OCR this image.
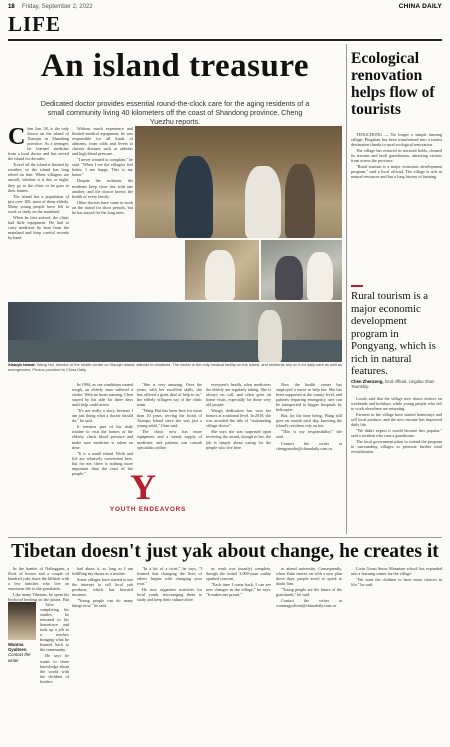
18 Friday, September 2, 2022	CHINA DAILY
LIFE
An island treasure
Dedicated doctor provides essential round-the-clock care for the aging residents of a small community living 40 kilometers off the coast of Shandong province, Cheng Yuezhu reports.

Chen Jun, 58, is the only doctor on the island of Xiaoqin in Shandong province. As a teenager, he learned medicine from a local doctor and has served the island for decades.

Travel off the island is limited by weather, so the island has long relied on him. When villagers are unwell, whether it is day or night, they go to the clinic or he goes to their homes.

The island has a population of just over 100, most of them elderly. Many young people have left to work or study on the mainland.

When he first arrived, the clinic had little equipment. He had to carry medicine by boat from the mainland and keep careful records by hand.

Without much experience and limited medical equipment, he was responsible for all kinds of ailments, from colds and fevers to chronic diseases such as arthritis and high blood pressure.

"I never wanted to complain," he said. "When I see the villagers feel better, I am happy. This is my home."

Despite the isolation, the residents keep close ties with one another, and the doctor knows the health of every family.

Other doctors have come to work on the island for short periods, but he has stayed for the long term.

Xiaoqin Island: Wang Hui, director of the health center on Xiaoqin Island, attends to residents. The center is the only medical facility on the island, and residents rely on it for daily care as well as emergencies. Photos provided to China Daily.

In 1994, as sea conditions turned rough, an elderly man suffered a stroke. With no boats running, Chen stayed by his side for three days until help could arrive.

"It's not really a story, because I am just doing what a doctor should do," he said.

It remains part of his daily routine to visit the homes of the elderly, check blood pressure and make sure medicine is taken on time.

"It is a small island. Work and life are relatively convenient here, but for me, there is nothing more important than the trust of the people."

"She is very amazing. Over the years, with her excellent skills, she has offered a great deal of help to us," the elderly villagers say of the clinic team.

"Wang Hui has been here for more than 10 years, serving the locals of Xiaoqin Island since she was just a young adult," Chen said.

The clinic now has more equipment and a steady supply of medicine, and patients can consult specialists online.

everyone's health, what medicines the elderly are regularly taking. She is always on call, and often goes on home visits, especially for those very old people.

Wang's dedication has won her honors at a national level. In 2019, she was awarded the title of "outstanding village doctor".

She says she was surprised upon receiving the award, though to her, the job is simply about caring for the people who live here.

Now the health center has employed a nurse to help her. She has been supported at the county level, and patients requiring emergency care can be transported to bigger hospitals by helicopter.

But, for the time being, Wang still goes on rounds each day, knowing the island's residents rely on her.

"This is my responsibility," she said.

Contact the writer at chengyuezhu@chinadaily.com.cn

Y
YOUTH ENDEAVORS
Ecological renovation helps flow of tourists

TENGCHONG — No longer a simple farming village, Pingshan has been transformed into a tourist destination thanks to rural ecological renovation.

The village has restored its terraced fields, cleaned its streams and built guesthouses, attracting visitors from across the province.

"Rural tourism is a major economic development program," said a local official. The village is rich in natural resources and has a long history of farming.

Rural tourism is a major economic development program in Pongyang, which is rich in natural features.
Chen Zhenzong, local official, Lingdao Shan Township

Locals said that the village now draws visitors on weekends and holidays, while young people who left to work elsewhere are returning.

Farmers in the village have started homestays and sell local produce, and the new income has improved daily life.

"We didn't expect it would become this popular," said a resident who runs a guesthouse.

The local government plans to extend the program to surrounding villages to promote further rural revitalization.

Tibetan doesn't just yak about change, he creates it

In the hamlet of Nalinggina, a flock of horses and a couple of hundred yaks share the hillside with a few families who live an enormous life in the grasslands.

Like many Tibetans, he spent his boyhood herding on the plains. But

Wanma Gyaltsen
Contact the writer

After completing his studies, he returned to his hometown and took up a job as a teacher, bringing what he learned back to the community.

He says he wants to share knowledge about the world with the children of herders.

had about it, so long as I am fulfilling my duties as a teacher.

Some villages have started to use the internet to sell local yak products, which has boosted incomes.

"Young people can do many things now," he said.

"In a bit of a twist," he says, "I learned that changing the lives of others begins with changing your own."

He now organizes activities for local youth, encouraging them to study and keep their culture alive.

or, work was (mostly) complete, though the initial 3,000-yuan outlay sparked concern.

"Each time I come back, I can see new changes in the village," he says. "It makes me proud."

to attend university. Consequently, when Zaho moves on with a new plan these days, people aren't so quick to doubt him.

"Young people are the future of the grasslands," he said.

Contact the writer at wanmagyaltsen@chinadaily.com.cn

Lixin Gouzi Snow Mountain school has expanded into a learning center for the village.

"We want the children to have more choices in life," he said.
